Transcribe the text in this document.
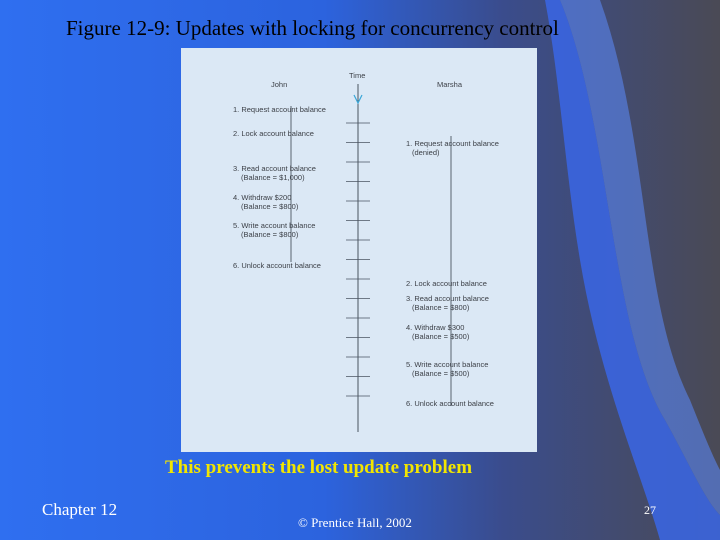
Figure 12-9: Updates with locking for concurrency control
John
Time
Marsha
1. Request account balance
2. Lock account balance
3. Read account balance
(Balance = $1,000)
4. Withdraw $200
(Balance = $800)
5. Write account balance
(Balance = $800)
6. Unlock account balance
1. Request account balance
(denied)
2. Lock account balance
3. Read account balance
(Balance = $800)
4. Withdraw $300
(Balance = $500)
5. Write account balance
(Balance = $500)
6. Unlock account balance
This prevents the lost update problem
Chapter 12
© Prentice Hall, 2002
27
